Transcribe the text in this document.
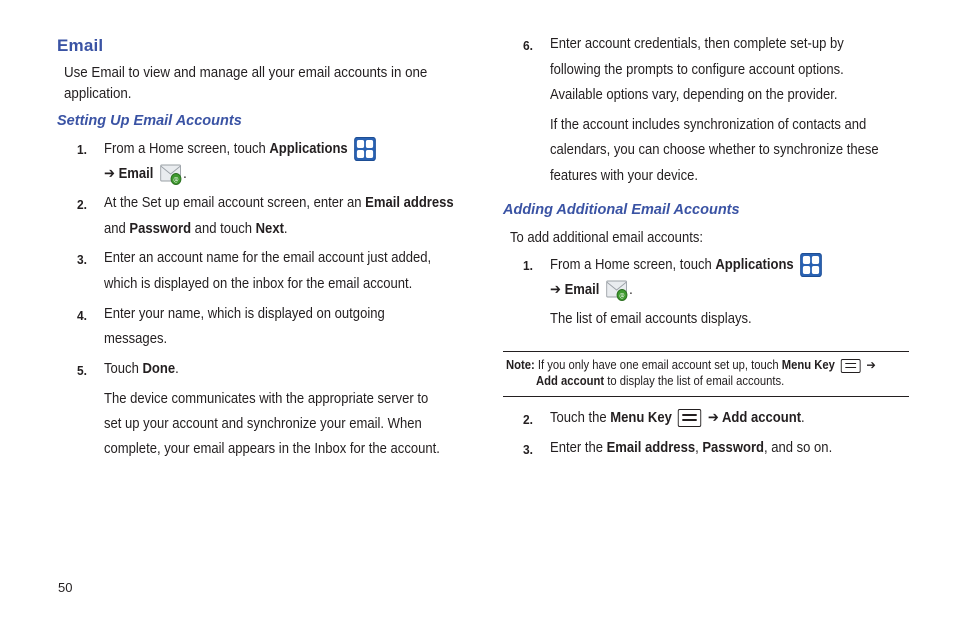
Email
Use Email to view and manage all your email accounts in one
application.
Setting Up Email Accounts
1. From a Home screen, touch Applications
➔ Email	@ .
2. At the Set up email account screen, enter an Email address
and Password and touch Next.
3. Enter an account name for the email account just added,
which is displayed on the inbox for the email account.
4. Enter your name, which is displayed on outgoing
messages.
5. Touch Done.
The device communicates with the appropriate server to
set up your account and synchronize your email. When
complete, your email appears in the Inbox for the account.
6. Enter account credentials, then complete set-up by
following the prompts to configure account options.
Available options vary, depending on the provider.
If the account includes synchronization of contacts and
calendars, you can choose whether to synchronize these
features with your device.
Adding Additional Email Accounts
To add additional email accounts:
1. From a Home screen, touch Applications
➔ Email	@ .
The list of email accounts displays.
Note: If you only have one email account set up, touch Menu Key
➔
Add account to display the list of email accounts.
2. Touch the Menu Key
➔ Add account.
3. Enter the Email address, Password, and so on.
50
